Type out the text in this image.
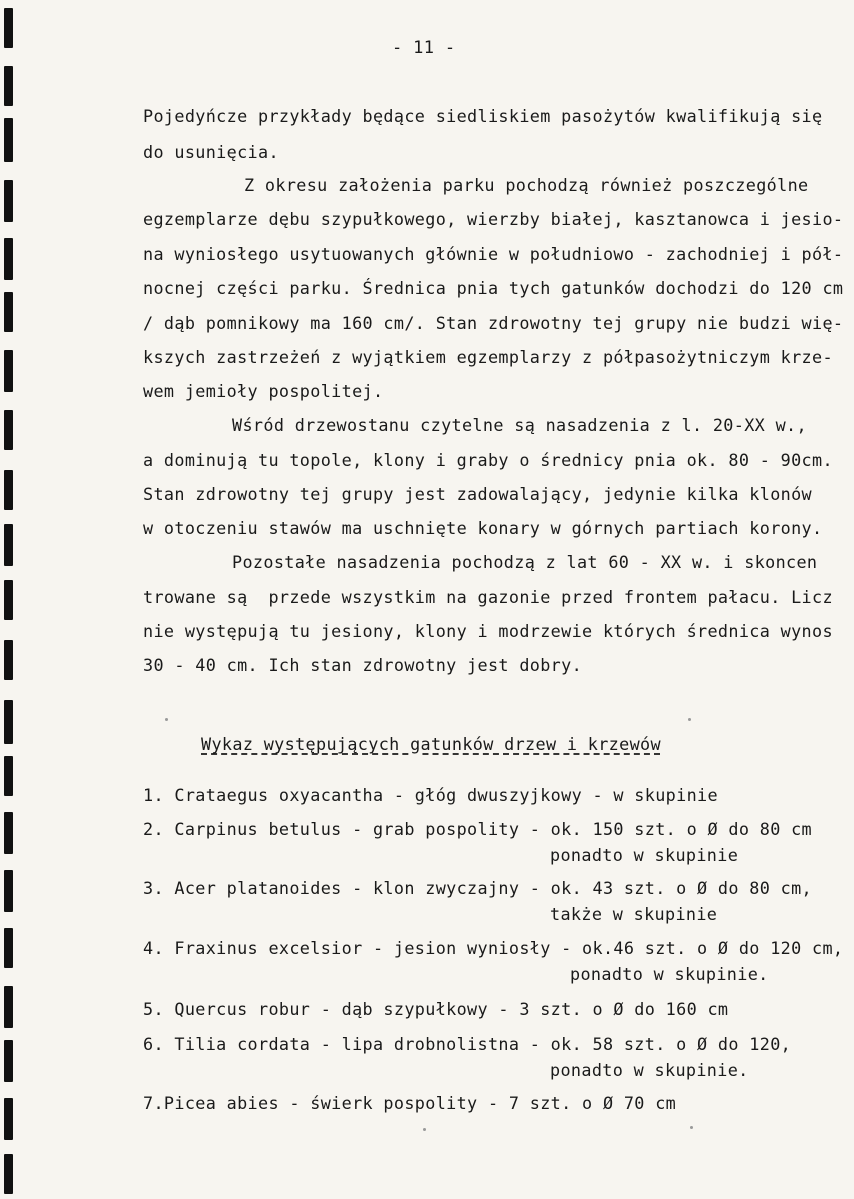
- 11 -
Pojedyńcze przykłady będące siedliskiem pasożytów kwalifikują się
do usunięcia.
Z okresu założenia parku pochodzą również poszczególne
egzemplarze dębu szypułkowego, wierzby białej, kasztanowca i jesio-
na wyniosłego usytuowanych głównie w południowo - zachodniej i pół-
nocnej części parku. Średnica pnia tych gatunków dochodzi do 120 cm
/ dąb pomnikowy ma 160 cm/. Stan zdrowotny tej grupy nie budzi wię-
kszych zastrzeżeń z wyjątkiem egzemplarzy z półpasożytniczym krze-
wem jemioły pospolitej.
Wśród drzewostanu czytelne są nasadzenia z l. 20-XX w.,
a dominują tu topole, klony i graby o średnicy pnia ok. 80 - 90cm.
Stan zdrowotny tej grupy jest zadowalający, jedynie kilka klonów
w otoczeniu stawów ma uschnięte konary w górnych partiach korony.
Pozostałe nasadzenia pochodzą z lat 60 - XX w. i skoncen
trowane są  przede wszystkim na gazonie przed frontem pałacu. Licz
nie występują tu jesiony, klony i modrzewie których średnica wynos
30 - 40 cm. Ich stan zdrowotny jest dobry.
Wykaz występujących gatunków drzew i krzewów
1. Crataegus oxyacantha - głóg dwuszyjkowy - w skupinie
2. Carpinus betulus - grab pospolity - ok. 150 szt. o Ø do 80 cm
ponadto w skupinie
3. Acer platanoides - klon zwyczajny - ok. 43 szt. o Ø do 80 cm,
także w skupinie
4. Fraxinus excelsior - jesion wyniosły - ok.46 szt. o Ø do 120 cm,
ponadto w skupinie.
5. Quercus robur - dąb szypułkowy - 3 szt. o Ø do 160 cm
6. Tilia cordata - lipa drobnolistna - ok. 58 szt. o Ø do 120,
ponadto w skupinie.
7.Picea abies - świerk pospolity - 7 szt. o Ø 70 cm
